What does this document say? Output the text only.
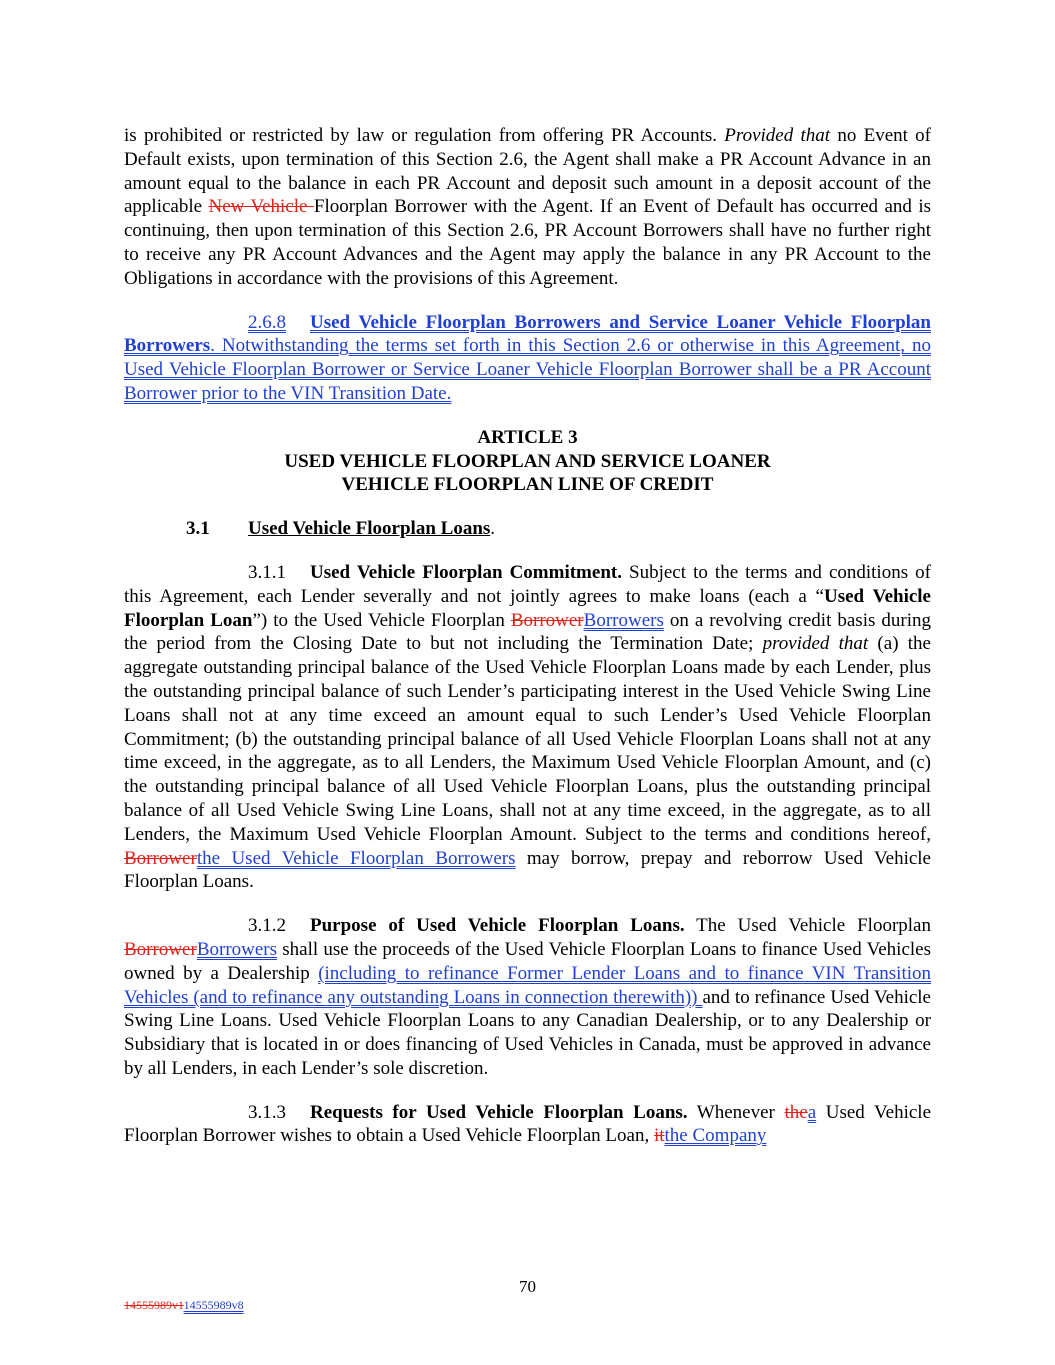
is prohibited or restricted by law or regulation from offering PR Accounts. Provided that no Event of Default exists, upon termination of this Section 2.6, the Agent shall make a PR Account Advance in an amount equal to the balance in each PR Account and deposit such amount in a deposit account of the applicable New Vehicle Floorplan Borrower with the Agent. If an Event of Default has occurred and is continuing, then upon termination of this Section 2.6, PR Account Borrowers shall have no further right to receive any PR Account Advances and the Agent may apply the balance in any PR Account to the Obligations in accordance with the provisions of this Agreement.

2.6.8 Used Vehicle Floorplan Borrowers and Service Loaner Vehicle Floorplan Borrowers. Notwithstanding the terms set forth in this Section 2.6 or otherwise in this Agreement, no Used Vehicle Floorplan Borrower or Service Loaner Vehicle Floorplan Borrower shall be a PR Account Borrower prior to the VIN Transition Date.

ARTICLE 3
USED VEHICLE FLOORPLAN AND SERVICE LOANER
VEHICLE FLOORPLAN LINE OF CREDIT
3.1 Used Vehicle Floorplan Loans.

3.1.1 Used Vehicle Floorplan Commitment. Subject to the terms and conditions of this Agreement, each Lender severally and not jointly agrees to make loans (each a “Used Vehicle Floorplan Loan”) to the Used Vehicle Floorplan BorrowerBorrowers on a revolving credit basis during the period from the Closing Date to but not including the Termination Date; provided that (a) the aggregate outstanding principal balance of the Used Vehicle Floorplan Loans made by each Lender, plus the outstanding principal balance of such Lender’s participating interest in the Used Vehicle Swing Line Loans shall not at any time exceed an amount equal to such Lender’s Used Vehicle Floorplan Commitment; (b) the outstanding principal balance of all Used Vehicle Floorplan Loans shall not at any time exceed, in the aggregate, as to all Lenders, the Maximum Used Vehicle Floorplan Amount, and (c) the outstanding principal balance of all Used Vehicle Floorplan Loans, plus the outstanding principal balance of all Used Vehicle Swing Line Loans, shall not at any time exceed, in the aggregate, as to all Lenders, the Maximum Used Vehicle Floorplan Amount. Subject to the terms and conditions hereof, Borrowerthe Used Vehicle Floorplan Borrowers may borrow, prepay and reborrow Used Vehicle Floorplan Loans.

3.1.2 Purpose of Used Vehicle Floorplan Loans. The Used Vehicle Floorplan BorrowerBorrowers shall use the proceeds of the Used Vehicle Floorplan Loans to finance Used Vehicles owned by a Dealership (including to refinance Former Lender Loans and to finance VIN Transition Vehicles (and to refinance any outstanding Loans in connection therewith)) and to refinance Used Vehicle Swing Line Loans. Used Vehicle Floorplan Loans to any Canadian Dealership, or to any Dealership or Subsidiary that is located in or does financing of Used Vehicles in Canada, must be approved in advance by all Lenders, in each Lender’s sole discretion.

3.1.3 Requests for Used Vehicle Floorplan Loans. Whenever thea Used Vehicle Floorplan Borrower wishes to obtain a Used Vehicle Floorplan Loan, itthe Company

70
14555989v114555989v8
